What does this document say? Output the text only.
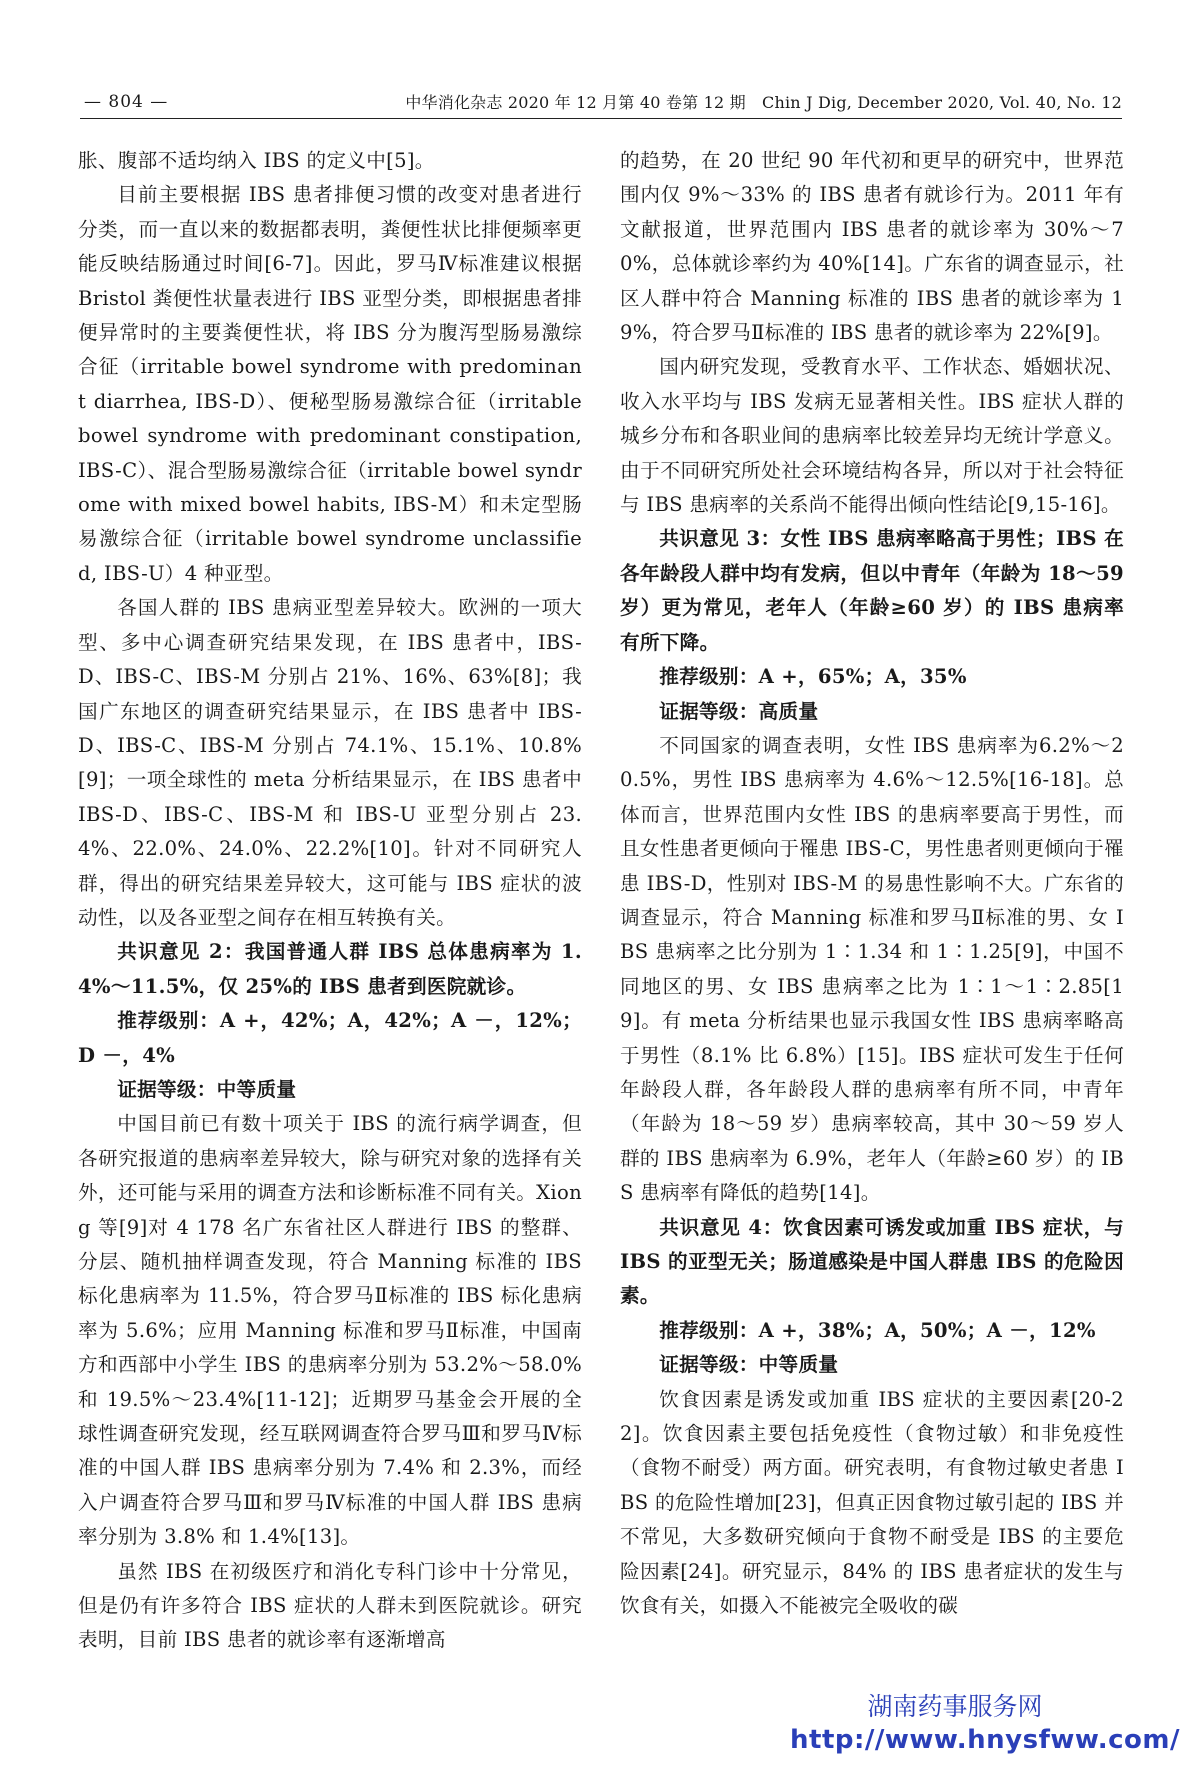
— 804 —	中华消化杂志 2020 年 12 月第 40 卷第 12 期　Chin J Dig, December 2020, Vol. 40, No. 12

胀、腹部不适均纳入 IBS 的定义中[5]。

目前主要根据 IBS 患者排便习惯的改变对患者进行分类，而一直以来的数据都表明，粪便性状比排便频率更能反映结肠通过时间[6-7]。因此，罗马Ⅳ标准建议根据 Bristol 粪便性状量表进行 IBS 亚型分类，即根据患者排便异常时的主要粪便性状，将 IBS 分为腹泻型肠易激综合征（irritable bowel syndrome with predominant diarrhea, IBS-D）、便秘型肠易激综合征（irritable bowel syndrome with predominant constipation, IBS-C）、混合型肠易激综合征（irritable bowel syndrome with mixed bowel habits, IBS-M）和未定型肠易激综合征（irritable bowel syndrome unclassified, IBS-U）4 种亚型。

各国人群的 IBS 患病亚型差异较大。欧洲的一项大型、多中心调查研究结果发现，在 IBS 患者中，IBS-D、IBS-C、IBS-M 分别占 21%、16%、63%[8]；我国广东地区的调查研究结果显示，在 IBS 患者中 IBS-D、IBS-C、IBS-M 分别占 74.1%、15.1%、10.8%[9]；一项全球性的 meta 分析结果显示，在 IBS 患者中 IBS-D、IBS-C、IBS-M 和 IBS-U 亚型分别占 23.4%、22.0%、24.0%、22.2%[10]。针对不同研究人群，得出的研究结果差异较大，这可能与 IBS 症状的波动性，以及各亚型之间存在相互转换有关。

共识意见 2：我国普通人群 IBS 总体患病率为 1.4%～11.5%，仅 25%的 IBS 患者到医院就诊。

推荐级别：A +，42%；A，42%；A －，12%；D －，4%

证据等级：中等质量

中国目前已有数十项关于 IBS 的流行病学调查，但各研究报道的患病率差异较大，除与研究对象的选择有关外，还可能与采用的调查方法和诊断标准不同有关。Xiong 等[9]对 4 178 名广东省社区人群进行 IBS 的整群、分层、随机抽样调查发现，符合 Manning 标准的 IBS 标化患病率为 11.5%，符合罗马Ⅱ标准的 IBS 标化患病率为 5.6%；应用 Manning 标准和罗马Ⅱ标准，中国南方和西部中小学生 IBS 的患病率分别为 53.2%～58.0% 和 19.5%～23.4%[11-12]；近期罗马基金会开展的全球性调查研究发现，经互联网调查符合罗马Ⅲ和罗马Ⅳ标准的中国人群 IBS 患病率分别为 7.4% 和 2.3%，而经入户调查符合罗马Ⅲ和罗马Ⅳ标准的中国人群 IBS 患病率分别为 3.8% 和 1.4%[13]。

虽然 IBS 在初级医疗和消化专科门诊中十分常见，但是仍有许多符合 IBS 症状的人群未到医院就诊。研究表明，目前 IBS 患者的就诊率有逐渐增高

的趋势，在 20 世纪 90 年代初和更早的研究中，世界范围内仅 9%～33% 的 IBS 患者有就诊行为。2011 年有文献报道，世界范围内 IBS 患者的就诊率为 30%～70%，总体就诊率约为 40%[14]。广东省的调查显示，社区人群中符合 Manning 标准的 IBS 患者的就诊率为 19%，符合罗马Ⅱ标准的 IBS 患者的就诊率为 22%[9]。

国内研究发现，受教育水平、工作状态、婚姻状况、收入水平均与 IBS 发病无显著相关性。IBS 症状人群的城乡分布和各职业间的患病率比较差异均无统计学意义。由于不同研究所处社会环境结构各异，所以对于社会特征与 IBS 患病率的关系尚不能得出倾向性结论[9,15-16]。

共识意见 3：女性 IBS 患病率略高于男性；IBS 在各年龄段人群中均有发病，但以中青年（年龄为 18～59 岁）更为常见，老年人（年龄≥60 岁）的 IBS 患病率有所下降。

推荐级别：A +，65%；A，35%

证据等级：高质量

不同国家的调查表明，女性 IBS 患病率为6.2%～20.5%，男性 IBS 患病率为 4.6%～12.5%[16-18]。总体而言，世界范围内女性 IBS 的患病率要高于男性，而且女性患者更倾向于罹患 IBS-C，男性患者则更倾向于罹患 IBS-D，性别对 IBS-M 的易患性影响不大。广东省的调查显示，符合 Manning 标准和罗马Ⅱ标准的男、女 IBS 患病率之比分别为 1∶1.34 和 1∶1.25[9]，中国不同地区的男、女 IBS 患病率之比为 1∶1～1∶2.85[19]。有 meta 分析结果也显示我国女性 IBS 患病率略高于男性（8.1% 比 6.8%）[15]。IBS 症状可发生于任何年龄段人群，各年龄段人群的患病率有所不同，中青年（年龄为 18～59 岁）患病率较高，其中 30～59 岁人群的 IBS 患病率为 6.9%，老年人（年龄≥60 岁）的 IBS 患病率有降低的趋势[14]。

共识意见 4：饮食因素可诱发或加重 IBS 症状，与 IBS 的亚型无关；肠道感染是中国人群患 IBS 的危险因素。

推荐级别：A +，38%；A，50%；A －，12%

证据等级：中等质量

饮食因素是诱发或加重 IBS 症状的主要因素[20-22]。饮食因素主要包括免疫性（食物过敏）和非免疫性（食物不耐受）两方面。研究表明，有食物过敏史者患 IBS 的危险性增加[23]，但真正因食物过敏引起的 IBS 并不常见，大多数研究倾向于食物不耐受是 IBS 的主要危险因素[24]。研究显示，84% 的 IBS 患者症状的发生与饮食有关，如摄入不能被完全吸收的碳

湖南药事服务网
http://www.hnysfww.com/
